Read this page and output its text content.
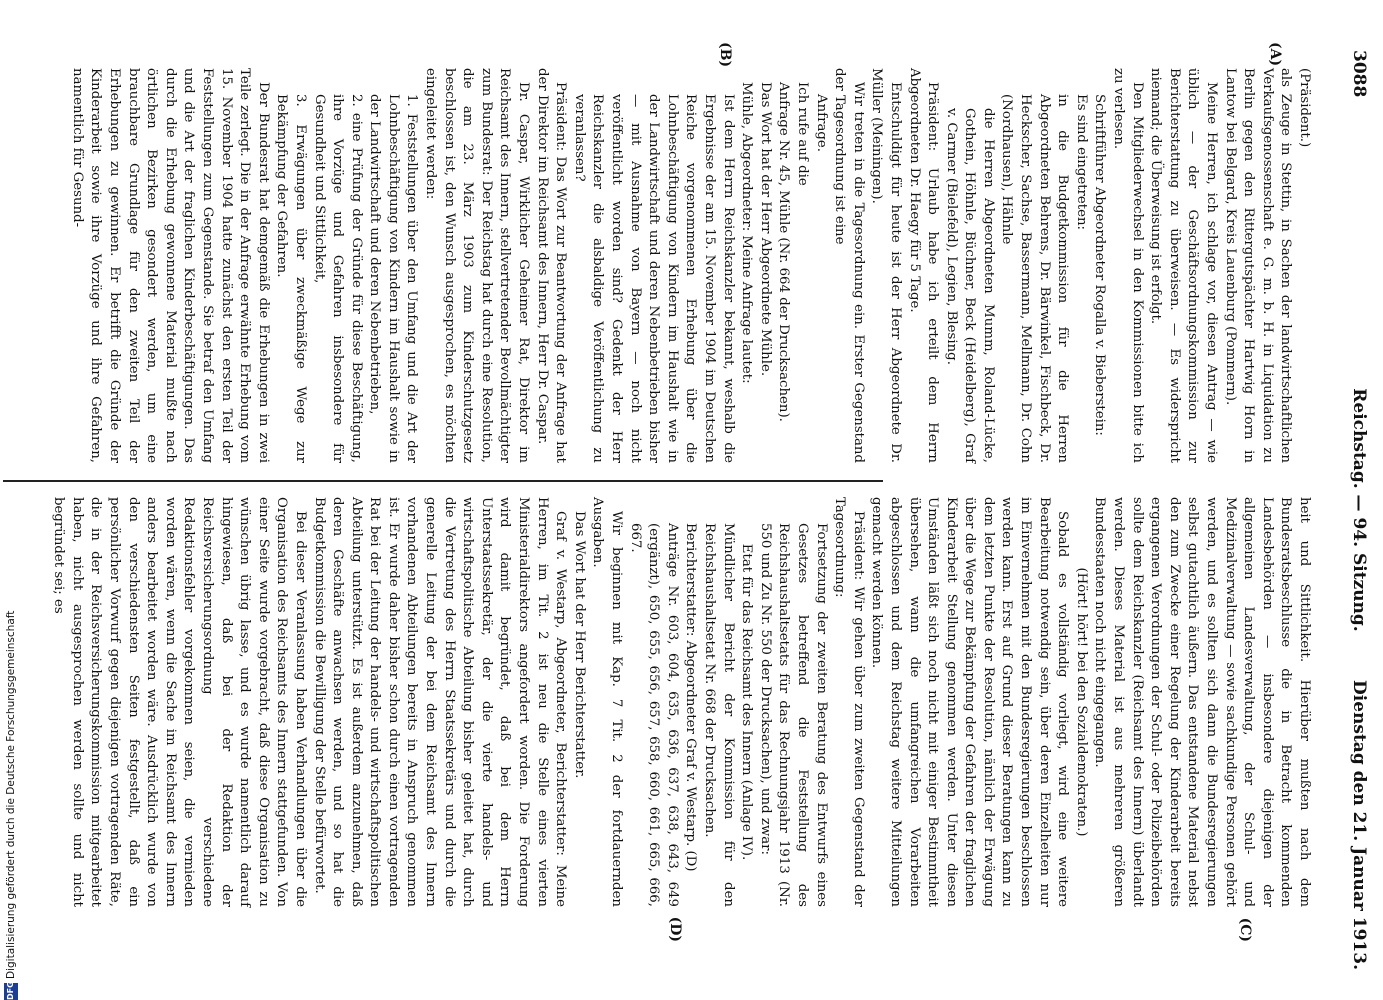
3088
Reichstag. — 94. Sitzung.
Dienstag den 21. Januar 1913.
(A)
(B)
(C)
(D)

(Präsident.)

als Zeuge in Stettin, in Sachen der landwirtschaftlichen Verkaufsgenossenschaft e. G. m. b. H. in Liquidation zu Berlin gegen den Rittergutspächter Hartwig Horn in Lantow bei Belgard, Kreis Lauenburg (Pommern).

Meine Herren, ich schlage vor, diesen Antrag — wie üblich — der Geschäftsordnungskommission zur Berichterstattung zu überweisen. — Es widerspricht niemand; die Überweisung ist erfolgt.

Den Mitgliederwechsel in den Kommissionen bitte ich zu verlesen.

Schriftführer Abgeordneter Rogalla v. Bieberstein:

Es sind eingetreten:

in die Budgetkommission für die Herren Abgeordneten Behrens, Dr. Bärwinkel, Fischbeck, Dr. Heckscher, Sachse, Bassermann, Mellmann, Dr. Cohn (Nordhausen), Hähnle

die Herren Abgeordneten Mumm, Roland-Lücke, Gothein, Höhnle, Büchner, Beck (Heidelberg), Graf v. Carmer (Bielefeld), Legien, Blesing.

Präsident: Urlaub habe ich erteilt dem Herrn Abgeordneten Dr. Haegy für 5 Tage.

Entschuldigt für heute ist der Herr Abgeordnete Dr. Müller (Meiningen).

Wir treten in die Tagesordnung ein. Erster Gegenstand der Tagesordnung ist eine

Anfrage.

Ich rufe auf die

Anfrage Nr. 45, Mühle (Nr. 664 der Drucksachen).

Das Wort hat der Herr Abgeordnete Mühle.

Mühle, Abgeordneter: Meine Anfrage lautet:

Ist dem Herrn Reichskanzler bekannt, weshalb die Ergebnisse der am 15. November 1904 im Deutschen Reiche vorgenommenen Erhebung über die Lohnbeschäftigung von Kindern im Haushalt wie in der Landwirtschaft und deren Nebenbetrieben bisher — mit Ausnahme von Bayern — noch nicht veröffentlicht worden sind? Gedenkt der Herr Reichskanzler die alsbaldige Veröffentlichung zu veranlassen?

Präsident: Das Wort zur Beantwortung der Anfrage hat der Direktor im Reichsamt des Innern, Herr Dr. Caspar.

Dr. Caspar, Wirklicher Geheimer Rat, Direktor im Reichsamt des Innern, stellvertretender Bevollmächtigter zum Bundesrat: Der Reichstag hat durch eine Resolution, die am 23. März 1903 zum Kinderschutzgesetz beschlossen ist, den Wunsch ausgesprochen, es möchten eingeleitet werden:

1. Feststellungen über den Umfang und die Art der Lohnbeschäftigung von Kindern im Haushalt sowie in der Landwirtschaft und deren Nebenbetrieben,

2. eine Prüfung der Gründe für diese Beschäftigung, ihre Vorzüge und Gefahren insbesondere für Gesundheit und Sittlichkeit,

3. Erwägungen über zweckmäßige Wege zur Bekämpfung der Gefahren.

Der Bundesrat hat demgemäß die Erhebungen in zwei Teile zerlegt. Die in der Anfrage erwähnte Erhebung vom 15. November 1904 hatte zunächst den ersten Teil der Feststellungen zum Gegenstande. Sie betraf den Umfang und die Art der fraglichen Kinderbeschäftigungen. Das durch die Erhebung gewonnene Material mußte nach örtlichen Bezirken gesondert werden, um eine brauchbare Grundlage für den zweiten Teil der Erhebungen zu gewinnen. Er betrifft die Gründe der Kinderarbeit sowie ihre Vorzüge und ihre Gefahren, namentlich für Gesund-

heit und Sittlichkeit. Hierüber mußten nach dem Bundesratsbeschlusse die in Betracht kommenden Landesbehörden — insbesondere diejenigen der allgemeinen Landesverwaltung, der Schul- und Medizinalverwaltung — sowie sachkundige Personen gehört werden, und es sollten sich dann die Bundesregierungen selbst gutachtlich äußern. Das entstandene Material nebst den zum Zwecke einer Regelung der Kinderarbeit bereits ergangenen Verordnungen der Schul- oder Polizeibehörden sollte dem Reichskanzler (Reichsamt des Innern) überlandt werden. Dieses Material ist aus mehreren größeren Bundesstaaten noch nicht eingegangen.

(Hört! hört! bei den Sozialdemokraten.)

Sobald es vollständig vorliegt, wird eine weitere Bearbeitung notwendig sein, über deren Einzelheiten nur im Einvernehmen mit den Bundesregierungen beschlossen werden kann. Erst auf Grund dieser Beratungen kann zu dem letzten Punkte der Resolution, nämlich der Erwägung über die Wege zur Bekämpfung der Gefahren der fraglichen Kinderarbeit Stellung genommen werden. Unter diesen Umständen läßt sich noch nicht mit einiger Bestimmtheit übersehen, wann die umfangreichen Vorarbeiten abgeschlossen und dem Reichstag weitere Mitteilungen gemacht werden können.

Präsident: Wir gehen über zum zweiten Gegenstand der Tagesordnung:

Fortsetzung der zweiten Beratung des Entwurfs eines Gesetzes betreffend die Feststellung des Reichshaushaltsetats für das Rechnungsjahr 1913 (Nr. 550 und Zu Nr. 550 der Drucksachen), und zwar:

Etat für das Reichsamt des Innern (Anlage IV).

Mündlicher Bericht der Kommission für den Reichshaushaltsetat Nr. 668 der Drucksachen.

Berichterstatter: Abgeordneter Graf v. Westarp. (D)

Anträge Nr. 603, 604, 635, 636, 637, 638, 643, 649 (ergänzt), 650, 655, 656, 657, 658, 660, 661, 665, 666, 667.

Wir beginnen mit Kap. 7 Tit. 2 der fortdauernden Ausgaben.

Das Wort hat der Herr Berichterstatter.

Graf v. Westarp, Abgeordneter, Berichterstatter: Meine Herren, im Tit. 2 ist neu die Stelle eines vierten Ministerialdirektors angefordert worden. Die Forderung wird damit begründet, daß bei dem Herrn Unterstaatssekretär, der die vierte handels- und wirtschaftspolitische Abteilung bisher geleitet hat, durch die Vertretung des Herrn Staatssekretärs und durch die generelle Leitung der bei dem Reichsamt des Innern vorhandenen Abteilungen bereits in Anspruch genommen ist. Er wurde daher bisher schon durch einen vortragenden Rat bei der Leitung der handels- und wirtschaftspolitischen Abteilung unterstützt. Es ist außerdem anzunehmen, daß deren Geschäfte anwachsen werden, und so hat die Budgetkommission die Bewilligung der Stelle befürwortet.

Bei dieser Veranlassung haben Verhandlungen über die Organisation des Reichsamts des Innern stattgefunden. Von einer Seite wurde vorgebracht, daß diese Organisation zu wünschen übrig lasse, und es wurde namentlich darauf hingewiesen, daß bei der Redaktion der Reichsversicherungsordnung verschiedene Redaktionsfehler vorgekommen seien, die vermieden worden wären, wenn die Sache im Reichsamt des Innern anders bearbeitet worden wäre. Ausdrücklich wurde von den verschiedensten Seiten festgestellt, daß ein persönlicher Vorwurf gegen diejenigen vortragenden Räte, die in der Reichsversicherungskommission mitgearbeitet haben, nicht ausgesprochen werden sollte und nicht begründet sei; es

DFG
Digitalisierung gefördert durch die Deutsche Forschungsgemeinschaft
